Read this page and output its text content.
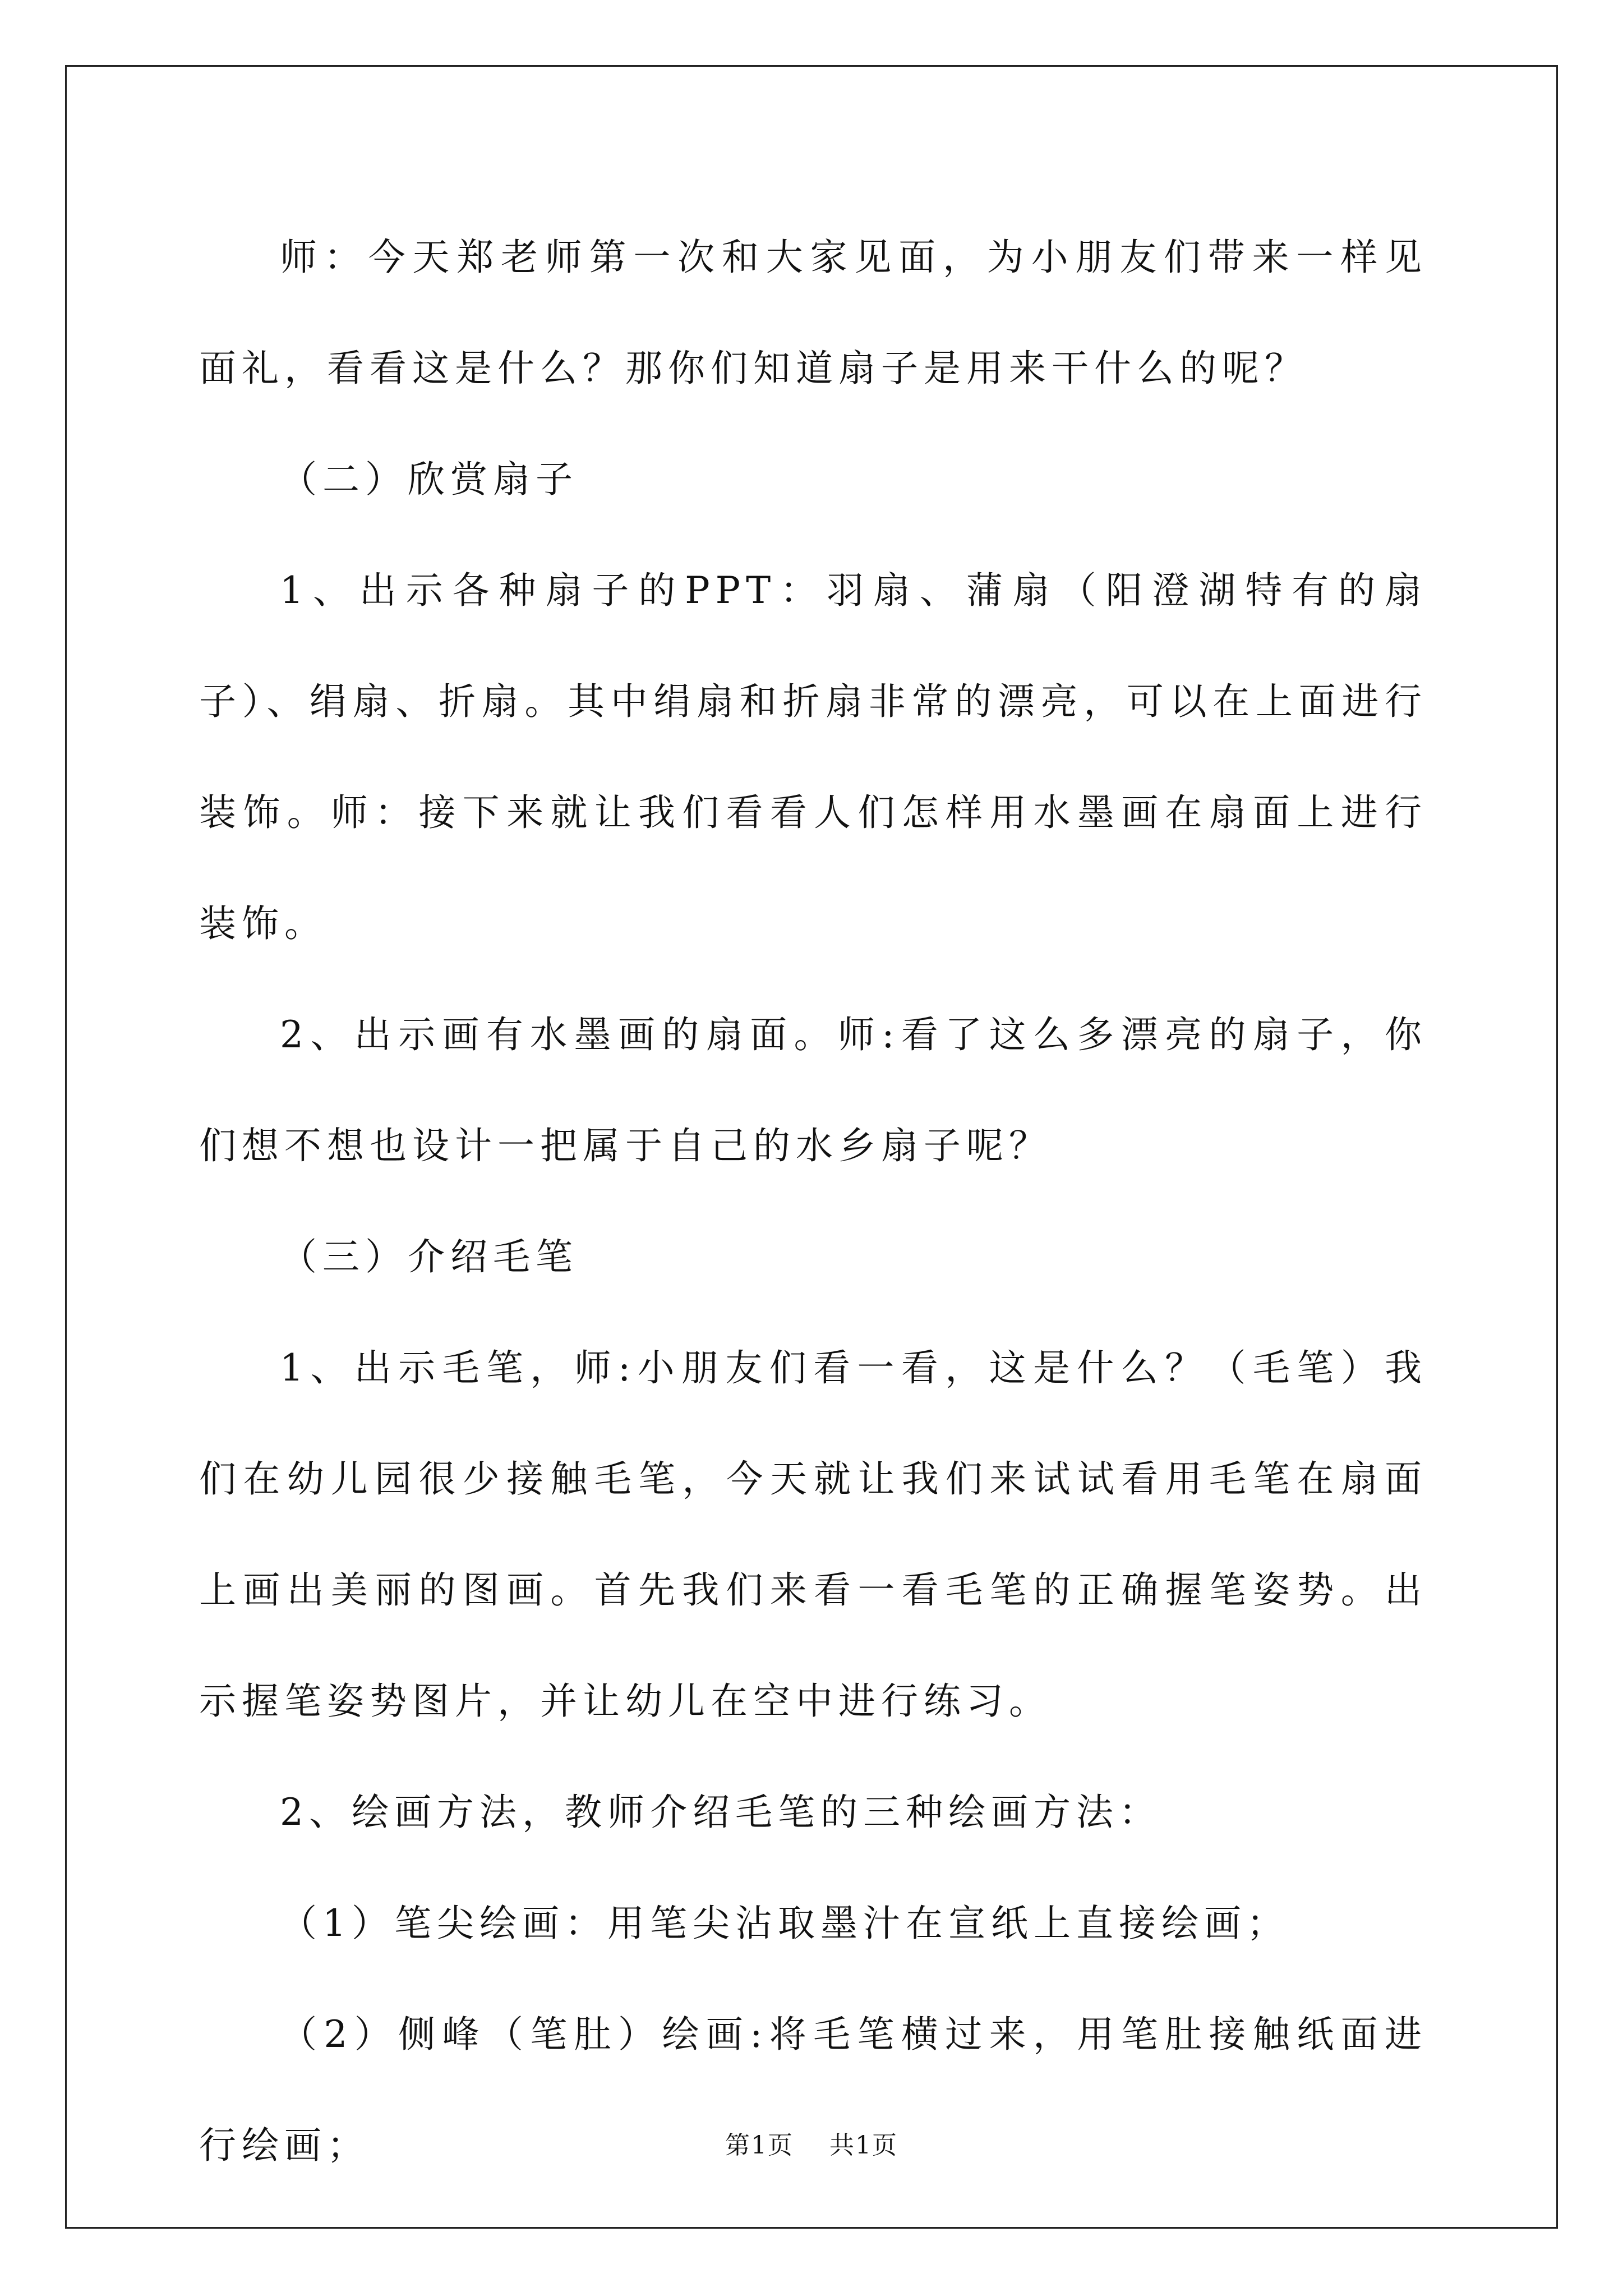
师：今天郑老师第一次和大家见面，为小朋友们带来一样见面礼，看看这是什么？那你们知道扇子是用来干什么的呢？

（二）欣赏扇子

1、出示各种扇子的PPT：羽扇、蒲扇（阳澄湖特有的扇子）、绢扇、折扇。其中绢扇和折扇非常的漂亮，可以在上面进行装饰。师：接下来就让我们看看人们怎样用水墨画在扇面上进行装饰。

2、出示画有水墨画的扇面。师:看了这么多漂亮的扇子，你们想不想也设计一把属于自己的水乡扇子呢？

（三）介绍毛笔

1、出示毛笔，师:小朋友们看一看，这是什么？（毛笔）我们在幼儿园很少接触毛笔，今天就让我们来试试看用毛笔在扇面上画出美丽的图画。首先我们来看一看毛笔的正确握笔姿势。出示握笔姿势图片，并让幼儿在空中进行练习。

2、绘画方法，教师介绍毛笔的三种绘画方法：

（1）笔尖绘画：用笔尖沾取墨汁在宣纸上直接绘画；

（2）侧峰（笔肚）绘画:将毛笔横过来，用笔肚接触纸面进行绘画；	第1页 共1页
